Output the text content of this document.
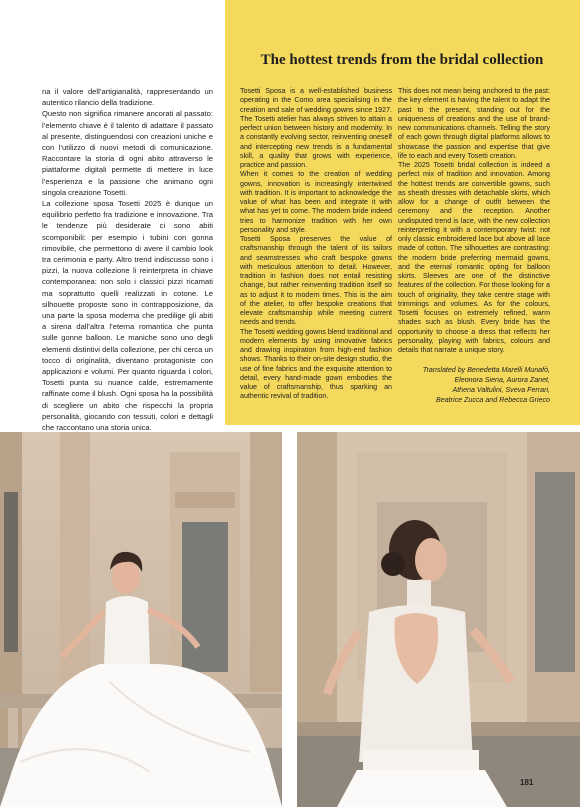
The hottest trends from the bridal collection

na il valore dell’artigianalità, rappresentando un autentico rilancio della tradizione.

Questo non significa rimanere ancorati al passato: l’elemento chiave è il talento di adattare il passato al presente, distinguendosi con creazioni uniche e con l’utilizzo di nuovi metodi di comunicazione. Raccontare la storia di ogni abito attraverso le piattaforme digitali permette di mettere in luce l’esperienza e la passione che animano ogni singola creazione Tosetti.

La collezione sposa Tosetti 2025 è dunque un equilibrio perfetto fra tradizione e innovazione. Tra le tendenze più desiderate ci sono abiti scomponibili: per esempio i tubini con gonna rimovibile, che permettono di avere il cambio look tra cerimonia e party. Altro trend indiscusso sono i pizzi, la nuova collezione li reinterpreta in chiave contemporanea: non solo i classici pizzi ricamati ma soprattutto quelli realizzati in cotone. Le silhouette proposte sono in contrapposizione, da una parte la sposa moderna che predilige gli abiti a sirena dall’altra l’eterna romantica che punta sulle gonne balloon. Le maniche sono uno degli elementi distintivi della collezione, per chi cerca un tocco di originalità, diventano protagoniste con applicazioni e volumi. Per quanto riguarda i colori, Tosetti punta su nuance calde, estremamente raffinate come il blush. Ogni sposa ha la possibilità di scegliere un abito che rispecchi la propria personalità, giocando con tessuti, colori e dettagli che raccontano una storia unica.

Tosetti Sposa is a well-established business operating in the Como area specialising in the creation and sale of wedding gowns since 1927. The Tosetti atelier has always striven to attain a perfect union between history and modernity. In a constantly evolving sector, reinventing oneself and intercepting new trends is a fundamental skill, a quality that grows with experience, practice and passion.

When it comes to the creation of wedding gowns, innovation is increasingly intertwined with tradition. It is important to acknowledge the value of what has been and integrate it with what has yet to come. The modern bride indeed tries to harmonize tradition with her own personality and style.

Tosetti Sposa preserves the value of craftsmanship through the talent of its tailors and seamstresses who craft bespoke gowns with meticulous attention to detail. However, tradition in fashion does not entail resisting change, but rather reinventing tradition itself so as to adjust it to modern times. This is the aim of the atelier, to offer bespoke creations that elevate craftsmanship while meeting current needs and trends.

The Tosetti wedding gowns blend traditional and modern elements by using innovative fabrics and drawing inspiration from high-end fashion shows. Thanks to their on-site design studio, the use of fine fabrics and the exquisite attention to detail, every hand-made gown embodies the value of craftsmanship, thus sparking an authentic revival of tradition.

This does not mean being anchored to the past: the key element is having the talent to adapt the past to the present, standing out for the uniqueness of creations and the use of brand-new communications channels. Telling the story of each gown through digital platforms allows to showcase the passion and expertise that give life to each and every Tosetti creation.

The 2025 Tosetti bridal collection is indeed a perfect mix of tradition and innovation. Among the hottest trends are convertible gowns, such as sheath dresses with detachable skirts, which allow for a change of outfit between the ceremony and the reception. Another undisputed trend is lace, with the new collection reinterpreting it with a contemporary twist: not only classic embroidered lace but above all lace made of cotton. The silhouettes are contrasting: the modern bride preferring mermaid gowns, and the eternal romantic opting for balloon skirts. Sleeves are one of the distinctive features of the collection. For those looking for a touch of originality, they take centre stage with trimmings and volumes. As for the colours, Tosetti focuses on extremely refined, warm shades such as blush. Every bride has the opportunity to choose a dress that reflects her personality, playing with fabrics, colours and details that narrate a unique story.

Translated by Benedetta Marelli Munafò,
Eleonora Siena, Aurora Zanet,
Athena Valtulini, Sveva Ferrari,
Beatrice Zucca and Rebecca Grieco
181
